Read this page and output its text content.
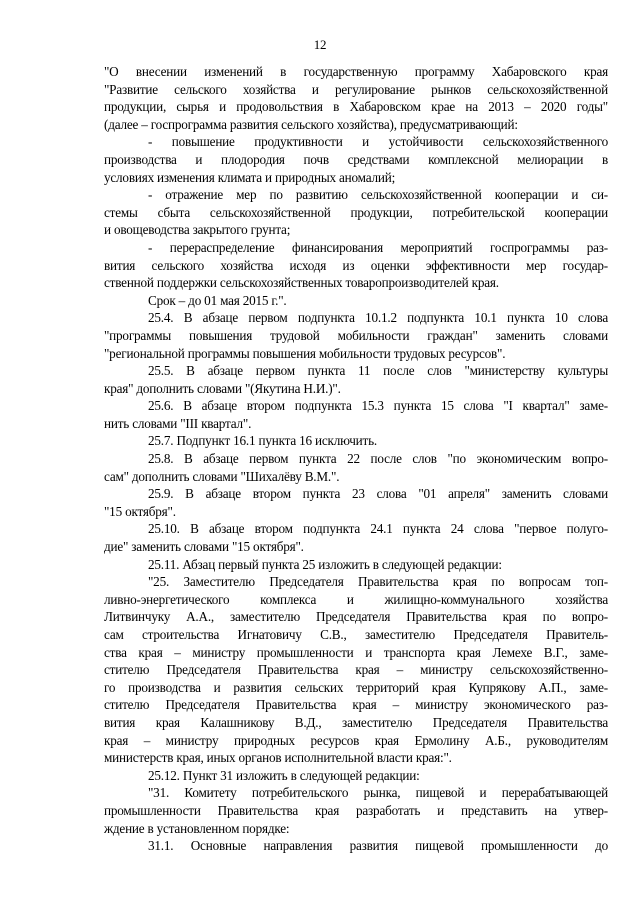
12
"О внесении изменений в государственную программу Хабаровского края
"Развитие сельского хозяйства и регулирование рынков сельскохозяйственной
продукции, сырья и продовольствия в Хабаровском крае на 2013 – 2020 годы"
(далее – госпрограмма развития сельского хозяйства), предусматривающий:
- повышение продуктивности и устойчивости сельскохозяйственного
производства и плодородия почв средствами комплексной мелиорации в
условиях изменения климата и природных аномалий;
- отражение мер по развитию сельскохозяйственной кооперации и си-
стемы сбыта сельскохозяйственной продукции, потребительской кооперации
и овощеводства закрытого грунта;
- перераспределение финансирования мероприятий госпрограммы раз-
вития сельского хозяйства исходя из оценки эффективности мер государ-
ственной поддержки сельскохозяйственных товаропроизводителей края.
Срок – до 01 мая 2015 г.".
25.4. В абзаце первом подпункта 10.1.2 подпункта 10.1 пункта 10 слова
"программы повышения трудовой мобильности граждан" заменить словами
"региональной программы повышения мобильности трудовых ресурсов".
25.5. В абзаце первом пункта 11 после слов "министерству культуры
края" дополнить словами "(Якутина Н.И.)".
25.6. В абзаце втором подпункта 15.3 пункта 15 слова "I квартал" заме-
нить словами "III квартал".
25.7. Подпункт 16.1 пункта 16 исключить.
25.8. В абзаце первом пункта 22 после слов "по экономическим вопро-
сам" дополнить словами "Шихалёву В.М.".
25.9. В абзаце втором пункта 23 слова "01 апреля" заменить словами
"15 октября".
25.10. В абзаце втором подпункта 24.1 пункта 24 слова "первое полуго-
дие" заменить словами "15 октября".
25.11. Абзац первый пункта 25 изложить в следующей редакции:
"25. Заместителю Председателя Правительства края по вопросам топ-
ливно-энергетического комплекса и жилищно-коммунального хозяйства
Литвинчуку А.А., заместителю Председателя Правительства края по вопро-
сам строительства Игнатовичу С.В., заместителю Председателя Правитель-
ства края – министру промышленности и транспорта края Лемехе В.Г., заме-
стителю Председателя Правительства края – министру сельскохозяйственно-
го производства и развития сельских территорий края Купрякову А.П., заме-
стителю Председателя Правительства края – министру экономического раз-
вития края Калашникову В.Д., заместителю Председателя Правительства
края – министру природных ресурсов края Ермолину А.Б., руководителям
министерств края, иных органов исполнительной власти края:".
25.12. Пункт 31 изложить в следующей редакции:
"31. Комитету потребительского рынка, пищевой и перерабатывающей
промышленности Правительства края разработать и представить на утвер-
ждение в установленном порядке:
31.1. Основные направления развития пищевой промышленности до
